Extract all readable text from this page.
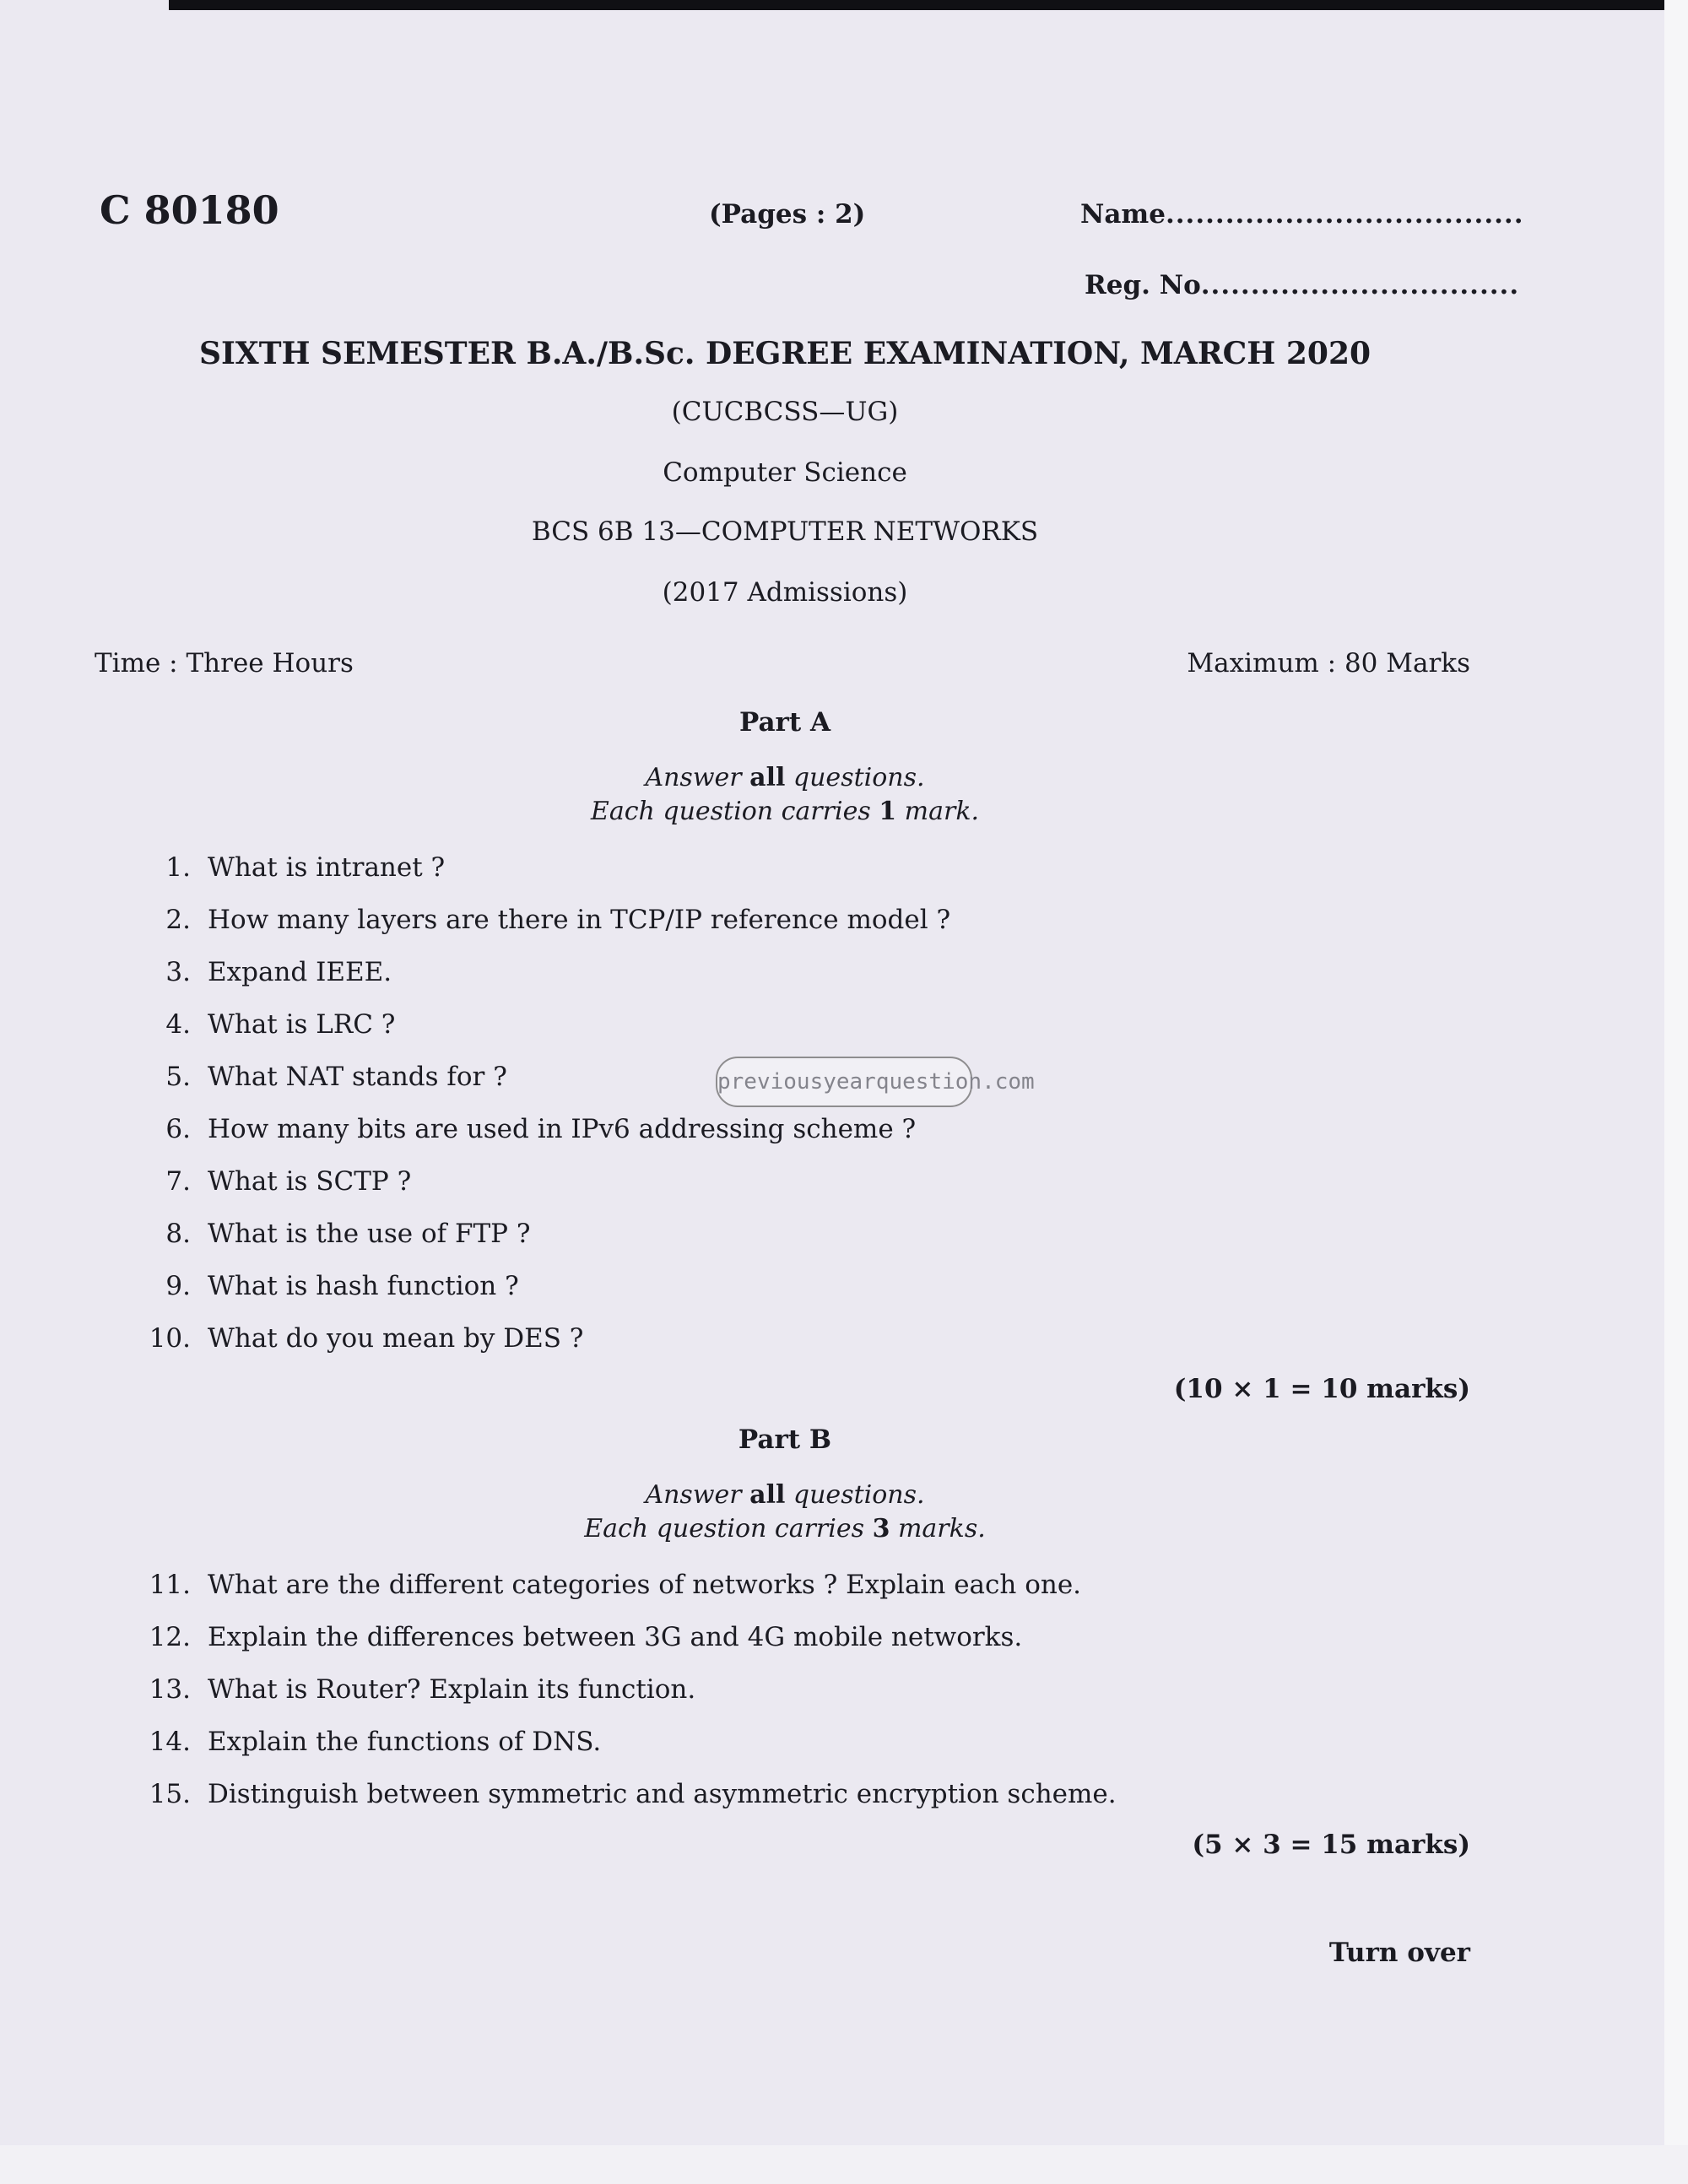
C 80180	(Pages : 2)	Name....................................
Reg. No................................
SIXTH SEMESTER B.A./B.Sc. DEGREE EXAMINATION, MARCH 2020
(CUCBCSS—UG)
Computer Science
BCS 6B 13—COMPUTER NETWORKS
(2017 Admissions)
Time : Three Hours	Maximum : 80 Marks
Part A
Answer all questions.
Each question carries 1 mark.
1. What is intranet ?
2. How many layers are there in TCP/IP reference model ?
3. Expand IEEE.
4. What is LRC ?
5. What NAT stands for ?
6. How many bits are used in IPv6 addressing scheme ?
7. What is SCTP ?
8. What is the use of FTP ?
9. What is hash function ?
10. What do you mean by DES ?
(10 × 1 = 10 marks)
previousyearquestion.com
Part B
Answer all questions.
Each question carries 3 marks.
11. What are the different categories of networks ? Explain each one.
12. Explain the differences between 3G and 4G mobile networks.
13. What is Router? Explain its function.
14. Explain the functions of DNS.
15. Distinguish between symmetric and asymmetric encryption scheme.
(5 × 3 = 15 marks)
Turn over
